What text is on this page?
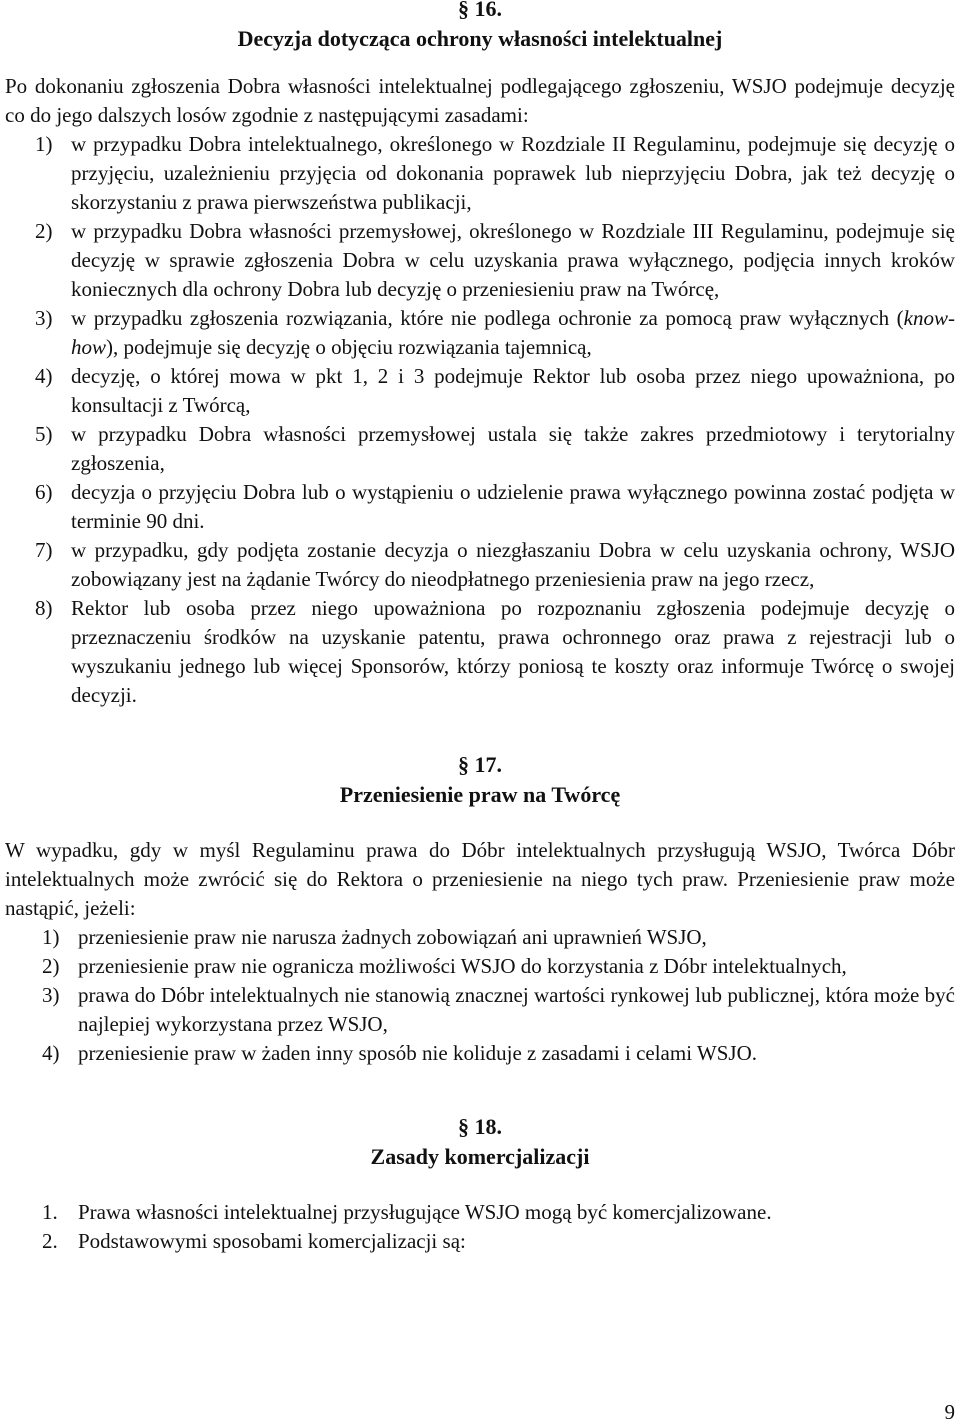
§ 16.

Decyzja dotycząca ochrony własności intelektualnej

Po dokonaniu zgłoszenia Dobra własności intelektualnej podlegającego zgłoszeniu, WSJO podejmuje decyzję co do jego dalszych losów zgodnie z następującymi zasadami:

1) w przypadku Dobra intelektualnego, określonego w Rozdziale II Regulaminu, podejmuje się decyzję o przyjęciu, uzależnieniu przyjęcia od dokonania poprawek lub nieprzyjęciu Dobra, jak też decyzję o skorzystaniu z prawa pierwszeństwa publikacji,
2) w przypadku Dobra własności przemysłowej, określonego w Rozdziale III Regulaminu, podejmuje się decyzję w sprawie zgłoszenia Dobra w celu uzyskania prawa wyłącznego, podjęcia innych kroków koniecznych dla ochrony Dobra lub decyzję o przeniesieniu praw na Twórcę,
3) w przypadku zgłoszenia rozwiązania, które nie podlega ochronie za pomocą praw wyłącznych (know-how), podejmuje się decyzję o objęciu rozwiązania tajemnicą,
4) decyzję, o której mowa w pkt 1, 2 i 3 podejmuje Rektor lub osoba przez niego upoważniona, po konsultacji z Twórcą,
5) w przypadku Dobra własności przemysłowej ustala się także zakres przedmiotowy i terytorialny zgłoszenia,
6) decyzja o przyjęciu Dobra lub o wystąpieniu o udzielenie prawa wyłącznego powinna zostać podjęta w terminie 90 dni.
7) w przypadku, gdy podjęta zostanie decyzja o niezgłaszaniu Dobra w celu uzyskania ochrony, WSJO zobowiązany jest na żądanie Twórcy do nieodpłatnego przeniesienia praw na jego rzecz,
8) Rektor lub osoba przez niego upoważniona po rozpoznaniu zgłoszenia podejmuje decyzję o przeznaczeniu środków na uzyskanie patentu, prawa ochronnego oraz prawa z rejestracji lub o wyszukaniu jednego lub więcej Sponsorów, którzy poniosą te koszty oraz informuje Twórcę o swojej decyzji.

§ 17.

Przeniesienie praw na Twórcę

W wypadku, gdy w myśl Regulaminu prawa do Dóbr intelektualnych przysługują WSJO, Twórca Dóbr intelektualnych może zwrócić się do Rektora o przeniesienie na niego tych praw. Przeniesienie praw może nastąpić, jeżeli:

1) przeniesienie praw nie narusza żadnych zobowiązań ani uprawnień WSJO,
2) przeniesienie praw nie ogranicza możliwości WSJO do korzystania z Dóbr intelektualnych,
3) prawa do Dóbr intelektualnych nie stanowią znacznej wartości rynkowej lub publicznej, która może być najlepiej wykorzystana przez WSJO,
4) przeniesienie praw w żaden inny sposób nie koliduje z zasadami i celami WSJO.

§ 18.

Zasady komercjalizacji

1. Prawa własności intelektualnej przysługujące WSJO mogą być komercjalizowane.
2. Podstawowymi sposobami komercjalizacji są:
9
